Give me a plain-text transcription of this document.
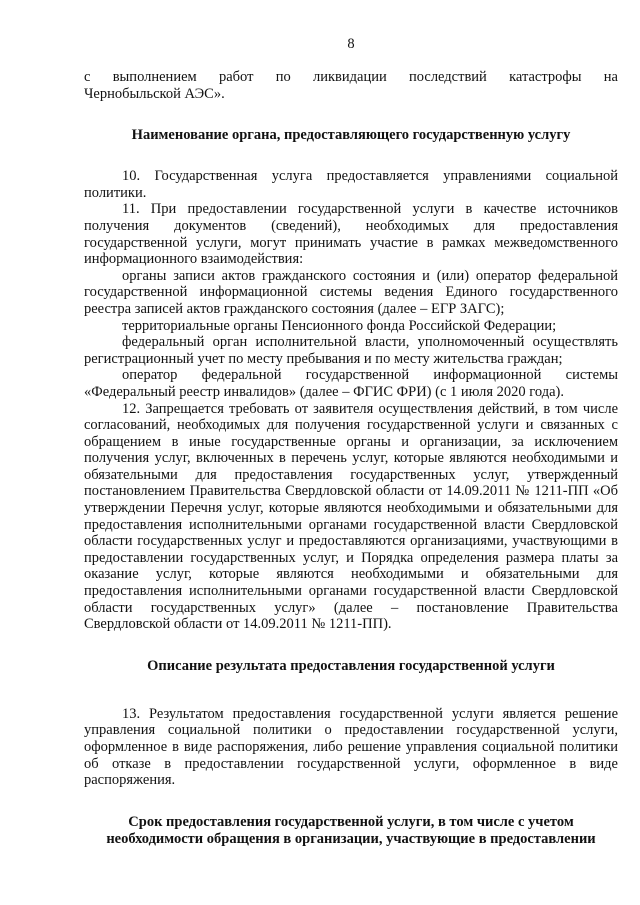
8

с выполнением работ по ликвидации последствий катастрофы на

Чернобыльской АЭС».

Наименование органа, предоставляющего государственную услугу

10. Государственная услуга предоставляется управлениями социальной политики.

11. При предоставлении государственной услуги в качестве источников получения документов (сведений), необходимых для предоставления государственной услуги, могут принимать участие в рамках межведомственного информационного взаимодействия:

органы записи актов гражданского состояния и (или) оператор федеральной государственной информационной системы ведения Единого государственного реестра записей актов гражданского состояния (далее – ЕГР ЗАГС);

территориальные органы Пенсионного фонда Российской Федерации;

федеральный орган исполнительной власти, уполномоченный осуществлять регистрационный учет по месту пребывания и по месту жительства граждан;

оператор федеральной государственной информационной системы «Федеральный реестр инвалидов» (далее – ФГИС ФРИ) (с 1 июля 2020 года).

12. Запрещается требовать от заявителя осуществления действий, в том числе согласований, необходимых для получения государственной услуги и связанных с обращением в иные государственные органы и организации, за исключением получения услуг, включенных в перечень услуг, которые являются необходимыми и обязательными для предоставления государственных услуг, утвержденный постановлением Правительства Свердловской области от 14.09.2011 № 1211-ПП «Об утверждении Перечня услуг, которые являются необходимыми и обязательными для предоставления исполнительными органами государственной власти Свердловской области государственных услуг и предоставляются организациями, участвующими в предоставлении государственных услуг, и Порядка определения размера платы за оказание услуг, которые являются необходимыми и обязательными для предоставления исполнительными органами государственной власти Свердловской области государственных услуг» (далее – постановление Правительства Свердловской области от 14.09.2011 № 1211-ПП).

Описание результата предоставления государственной услуги

13. Результатом предоставления государственной услуги является решение управления социальной политики о предоставлении государственной услуги, оформленное в виде распоряжения, либо решение управления социальной политики об отказе в предоставлении государственной услуги, оформленное в виде распоряжения.

Срок предоставления государственной услуги, в том числе с учетом
необходимости обращения в организации, участвующие в предоставлении
